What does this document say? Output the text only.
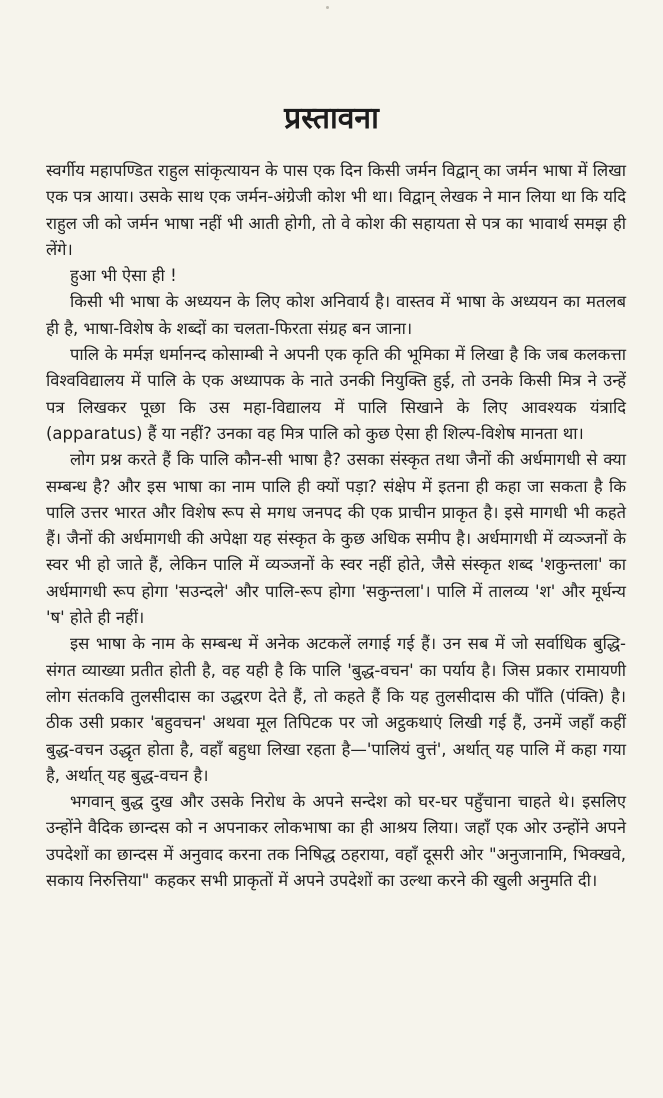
प्रस्तावना

स्वर्गीय महापण्डित राहुल सांकृत्यायन के पास एक दिन किसी जर्मन विद्वान् का जर्मन भाषा में लिखा एक पत्र आया। उसके साथ एक जर्मन-अंग्रेजी कोश भी था। विद्वान् लेखक ने मान लिया था कि यदि राहुल जी को जर्मन भाषा नहीं भी आती होगी, तो वे कोश की सहायता से पत्र का भावार्थ समझ ही लेंगे।

हुआ भी ऐसा ही !

किसी भी भाषा के अध्ययन के लिए कोश अनिवार्य है। वास्तव में भाषा के अध्ययन का मतलब ही है, भाषा-विशेष के शब्दों का चलता-फिरता संग्रह बन जाना।

पालि के मर्मज्ञ धर्मानन्द कोसाम्बी ने अपनी एक कृति की भूमिका में लिखा है कि जब कलकत्ता विश्वविद्यालय में पालि के एक अध्यापक के नाते उनकी नियुक्ति हुई, तो उनके किसी मित्र ने उन्हें पत्र लिखकर पूछा कि उस महा-विद्यालय में पालि सिखाने के लिए आवश्यक यंत्रादि (apparatus) हैं या नहीं? उनका वह मित्र पालि को कुछ ऐसा ही शिल्प-विशेष मानता था।

लोग प्रश्न करते हैं कि पालि कौन-सी भाषा है? उसका संस्कृत तथा जैनों की अर्धमागधी से क्या सम्बन्ध है? और इस भाषा का नाम पालि ही क्यों पड़ा? संक्षेप में इतना ही कहा जा सकता है कि पालि उत्तर भारत और विशेष रूप से मगध जनपद की एक प्राचीन प्राकृत है। इसे मागधी भी कहते हैं। जैनों की अर्धमागधी की अपेक्षा यह संस्कृत के कुछ अधिक समीप है। अर्धमागधी में व्यञ्जनों के स्वर भी हो जाते हैं, लेकिन पालि में व्यञ्जनों के स्वर नहीं होते, जैसे संस्कृत शब्द 'शकुन्तला' का अर्धमागधी रूप होगा 'सउन्दले' और पालि-रूप होगा 'सकुन्तला'। पालि में तालव्य 'श' और मूर्धन्य 'ष' होते ही नहीं।

इस भाषा के नाम के सम्बन्ध में अनेक अटकलें लगाई गई हैं। उन सब में जो सर्वाधिक बुद्धि-संगत व्याख्या प्रतीत होती है, वह यही है कि पालि 'बुद्ध-वचन' का पर्याय है। जिस प्रकार रामायणी लोग संतकवि तुलसीदास का उद्धरण देते हैं, तो कहते हैं कि यह तुलसीदास की पाँति (पंक्ति) है। ठीक उसी प्रकार 'बहुवचन' अथवा मूल तिपिटक पर जो अट्ठकथाएं लिखी गई हैं, उनमें जहाँ कहीं बुद्ध-वचन उद्धृत होता है, वहाँ बहुधा लिखा रहता है—'पालियं वुत्तं', अर्थात् यह पालि में कहा गया है, अर्थात् यह बुद्ध-वचन है।

भगवान् बुद्ध दुख और उसके निरोध के अपने सन्देश को घर-घर पहुँचाना चाहते थे। इसलिए उन्होंने वैदिक छान्दस को न अपनाकर लोकभाषा का ही आश्रय लिया। जहाँ एक ओर उन्होंने अपने उपदेशों का छान्दस में अनुवाद करना तक निषिद्ध ठहराया, वहाँ दूसरी ओर "अनुजानामि, भिक्खवे, सकाय निरुत्तिया" कहकर सभी प्राकृतों में अपने उपदेशों का उल्था करने की खुली अनुमति दी।
